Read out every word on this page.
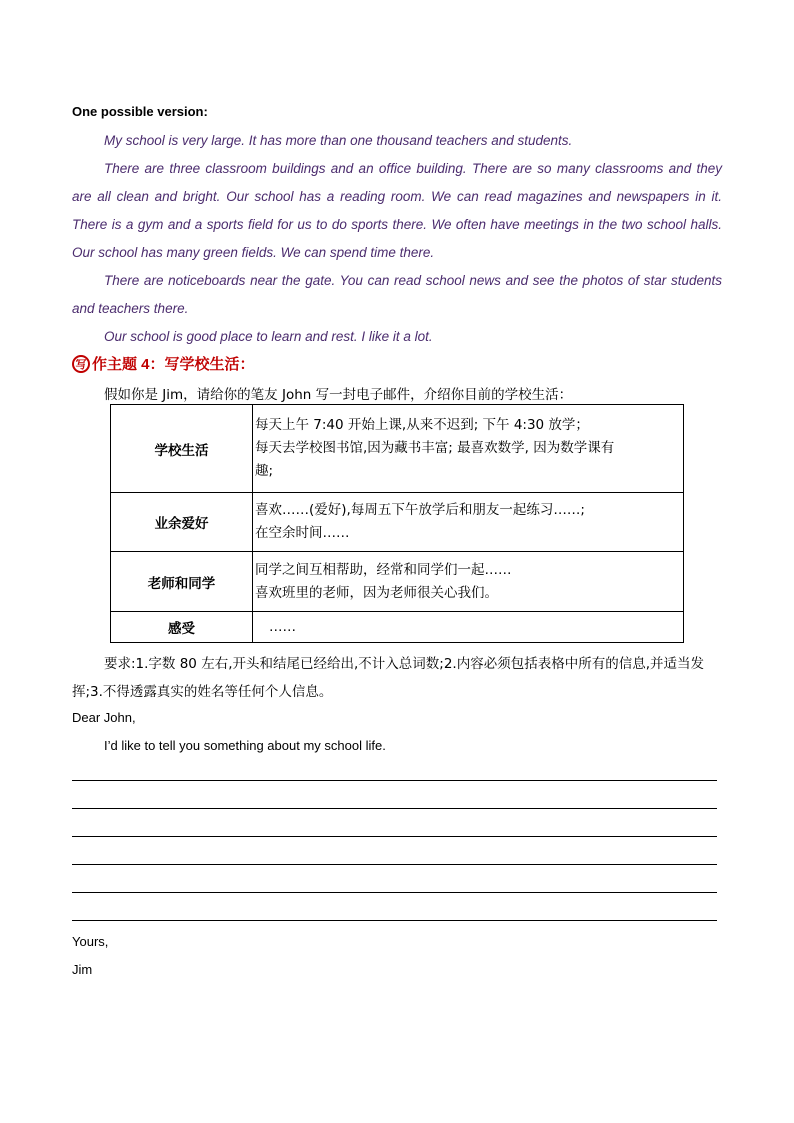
One possible version:

My school is very large. It has more than one thousand teachers and students.

There are three classroom buildings and an office building. There are so many classrooms and they are all clean and bright. Our school has a reading room. We can read magazines and newspapers in it. There is a gym and a sports field for us to do sports there. We often have meetings in the two school halls. Our school has many green fields. We can spend time there.

There are noticeboards near the gate. You can read school news and see the photos of star students and teachers there.

Our school is good place to learn and rest. I like it a lot.

写 作主题 4：写学校生活：
假如你是 Jim，请给你的笔友 John 写一封电子邮件，介绍你目前的学校生活：
学校生活	每天上午 7:40 开始上课,从来不迟到; 下午 4:30 放学；
每天去学校图书馆,因为藏书丰富; 最喜欢数学, 因为数学课有
趣;

业余爱好	喜欢……(爱好),每周五下午放学后和朋友一起练习……;
在空余时间……

老师和同学	同学之间互相帮助，经常和同学们一起……
喜欢班里的老师，因为老师很关心我们。

感受	……
要求:1.字数 80 左右,开头和结尾已经给出,不计入总词数;2.内容必须包括表格中所有的信息,并适当发挥;3.不得透露真实的姓名等任何个人信息。
Dear John,
I’d like to tell you something about my school life.
Yours,
Jim
